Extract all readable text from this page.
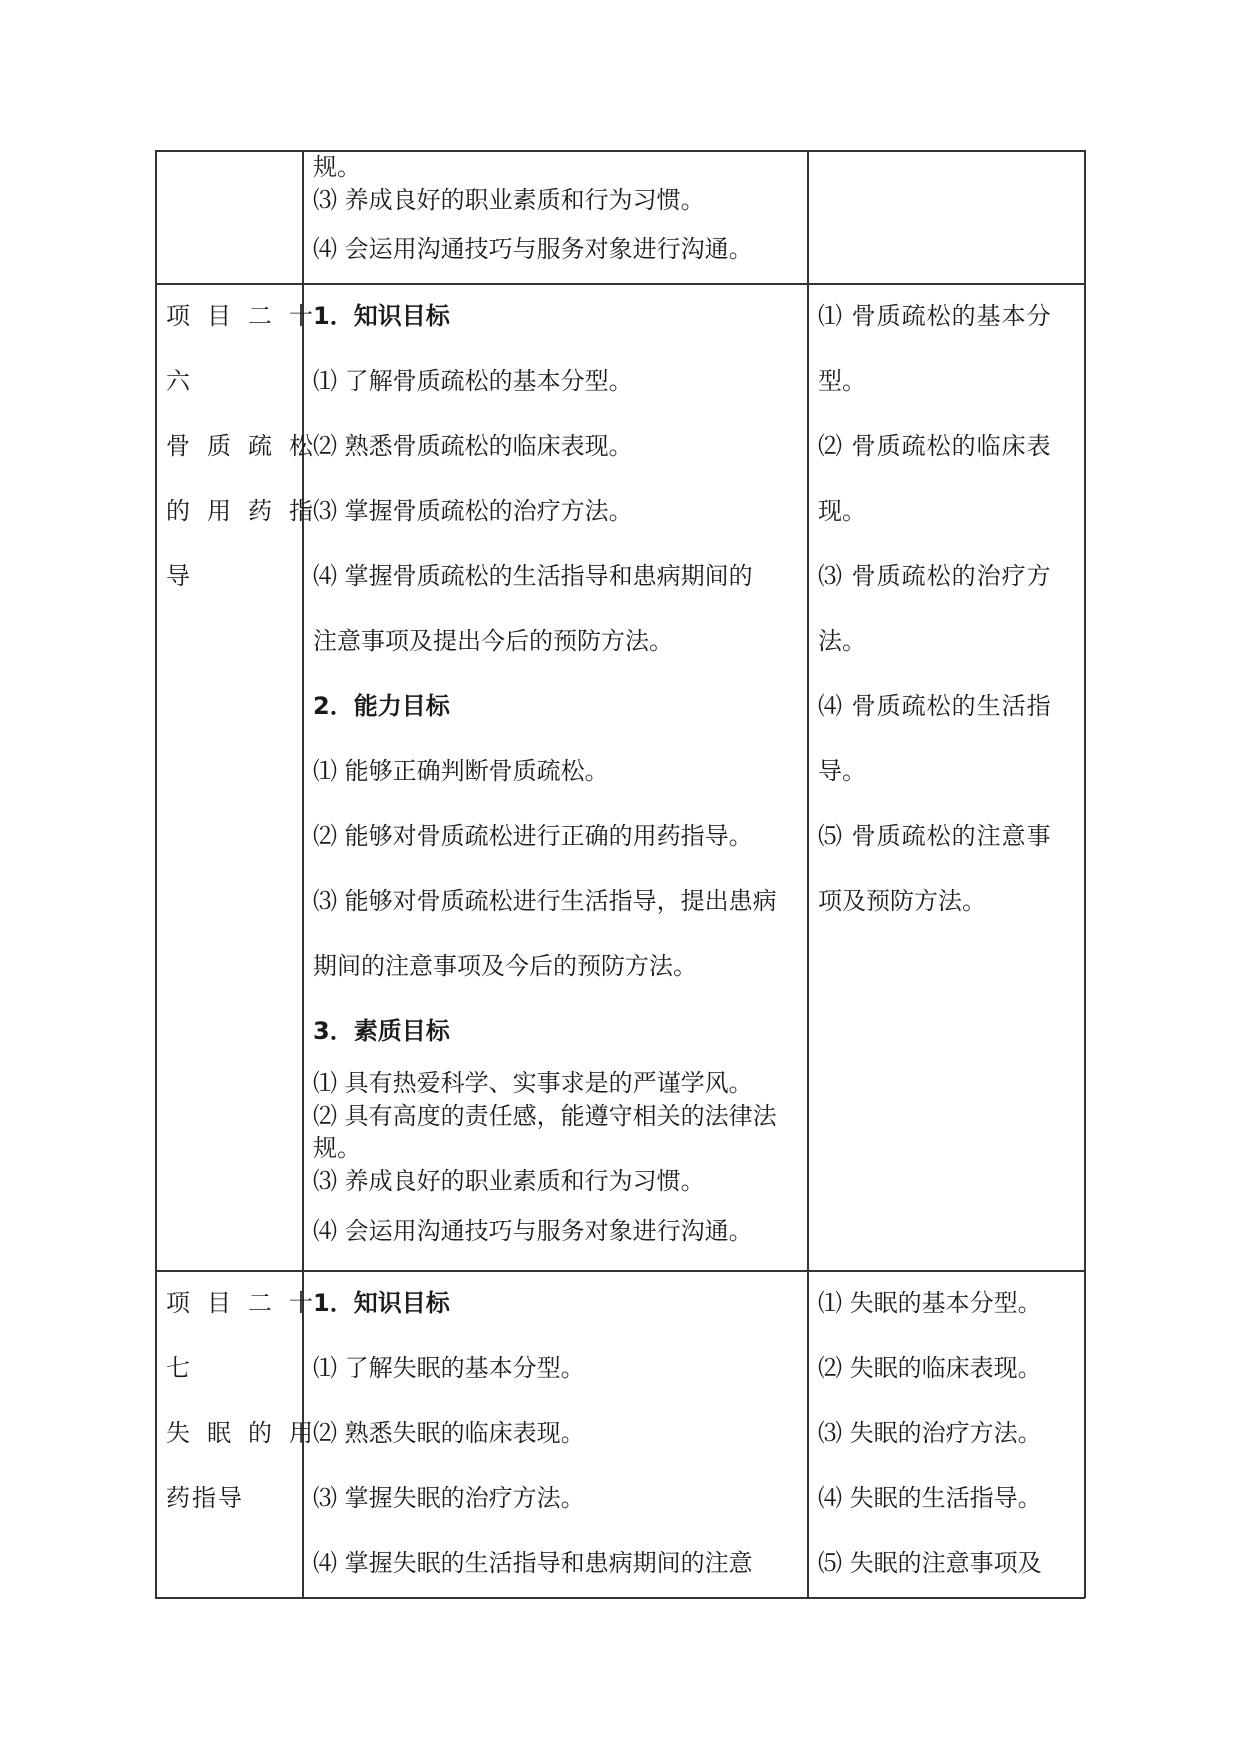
规。
⑶ 养成良好的职业素质和行为习惯。
⑷ 会运用沟通技巧与服务对象进行沟通。
项目二十
六
骨质疏松
的用药指
导
1．知识目标
⑴ 了解骨质疏松的基本分型。
⑵ 熟悉骨质疏松的临床表现。
⑶ 掌握骨质疏松的治疗方法。
⑷ 掌握骨质疏松的生活指导和患病期间的
注意事项及提出今后的预防方法。
2．能力目标
⑴ 能够正确判断骨质疏松。
⑵ 能够对骨质疏松进行正确的用药指导。
⑶ 能够对骨质疏松进行生活指导，提出患病
期间的注意事项及今后的预防方法。
3．素质目标
⑴ 具有热爱科学、实事求是的严谨学风。
⑵ 具有高度的责任感，能遵守相关的法律法
规。
⑶ 养成良好的职业素质和行为习惯。
⑷ 会运用沟通技巧与服务对象进行沟通。
⑴ 骨质疏松的基本分
型。
⑵ 骨质疏松的临床表
现。
⑶ 骨质疏松的治疗方
法。
⑷ 骨质疏松的生活指
导。
⑸ 骨质疏松的注意事
项及预防方法。
项目二十
七
失眠的用
药指导
1．知识目标
⑴ 了解失眠的基本分型。
⑵ 熟悉失眠的临床表现。
⑶ 掌握失眠的治疗方法。
⑷ 掌握失眠的生活指导和患病期间的注意
⑴ 失眠的基本分型。
⑵ 失眠的临床表现。
⑶ 失眠的治疗方法。
⑷ 失眠的生活指导。
⑸ 失眠的注意事项及
